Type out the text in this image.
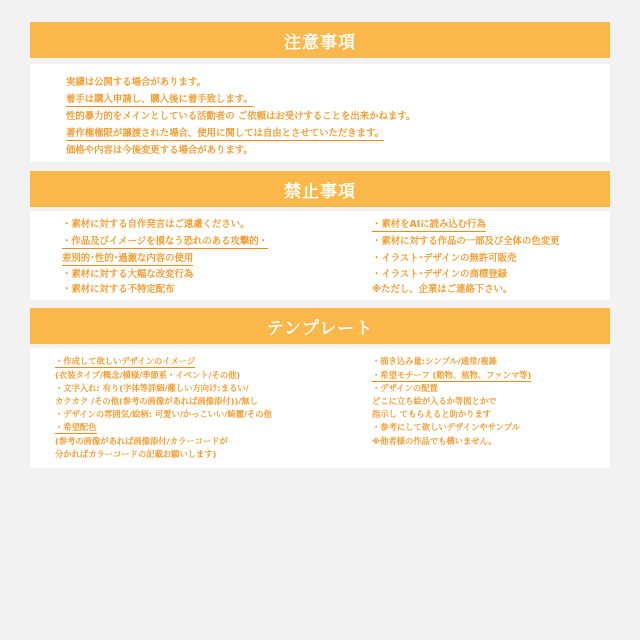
注意事項
実績は公開する場合があります。
着手は購入申請し、購入後に着手致します。
性的暴力的をメインとしている活動者の ご依頼はお受けすることを出来かねます。
著作権権限が譲渡された場合、使用に関しては自由とさせていただきます。
価格や内容は今後変更する場合があります。
禁止事項
・素材に対する自作発言はご遠慮ください。
・作品及びイメージを損なう恐れのある攻撃的・
差別的･性的･過激な内容の使用
・素材に対する大幅な改変行為
・素材に対する不特定配布
・素材をAIに読み込む行為
・素材に対する作品の一部及び全体の色変更
・イラスト･デザインの無許可販売
・イラスト･デザインの商標登録
※ただし、企業はご連絡下さい。
テンプレート
・作成して欲しいデザインのイメージ
(衣装タイプ/概念/横様/季節系・イベント/その他)
・文字入れ: 有り(字体等詳細/難しい方向け:まるい/
カクカク /その他(参考の画像があれば画像添付))/無し
・デザインの雰囲気/絵柄: 可愛い/かっこいい/綺麗/その他
・希望配色
(参考の画像があれば画像添付/カラーコードが
分かればカラーコードの記載お願いします)
・描き込み量:シンプル/通常/複雑
・希望モチーフ (動物、植物、ファンマ等)
・デザインの配置
どこに立ち絵が入るか等図とかで
指示し てもらえると助かります
・参考にして欲しいデザインやサンプル
※他者様の作品でも構いません。
